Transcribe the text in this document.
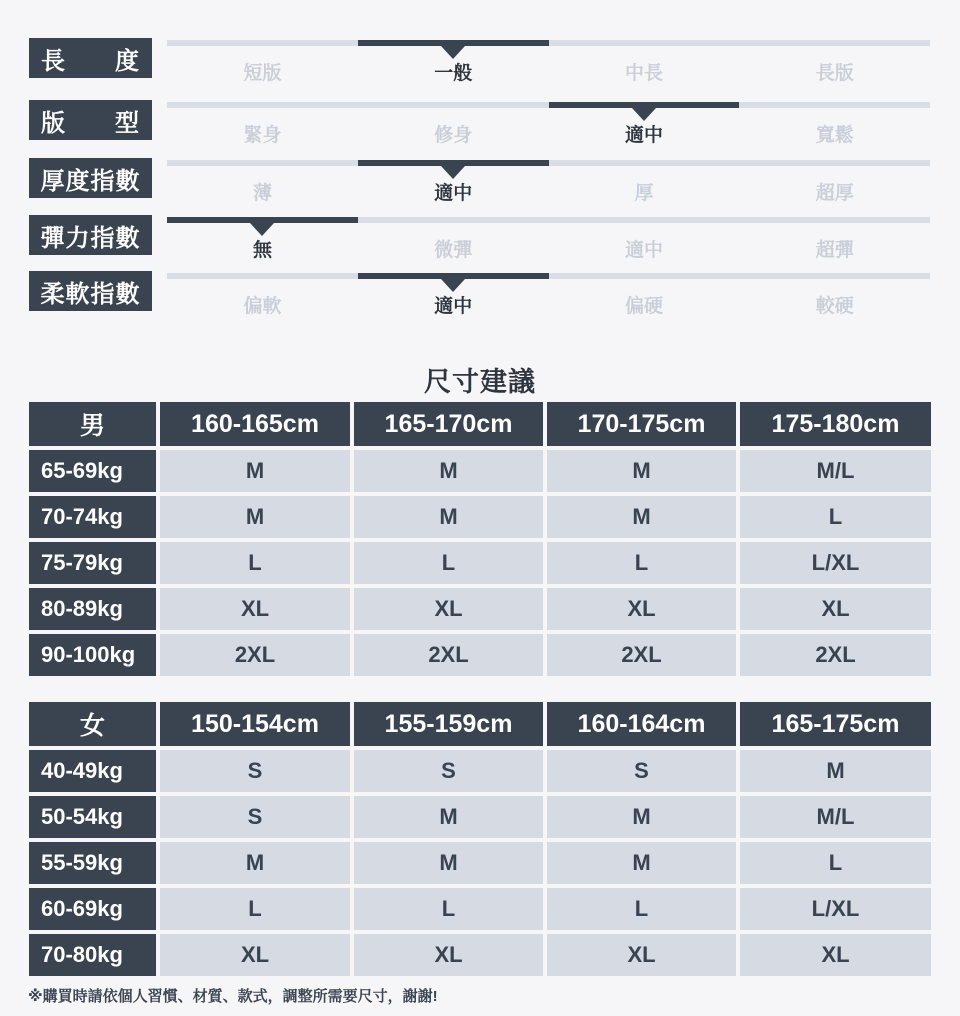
長 度	短版	一般	中長	長版
版 型	緊身	修身	適中	寬鬆
厚度指數	薄	適中	厚	超厚
彈力指數	無	微彈	適中	超彈
柔軟指數	偏軟	適中	偏硬	較硬
尺寸建議
男	160-165cm	165-170cm	170-175cm	175-180cm
65-69kg	M	M	M	M/L
70-74kg	M	M	M	L
75-79kg	L	L	L	L/XL
80-89kg	XL	XL	XL	XL
90-100kg	2XL	2XL	2XL	2XL
女	150-154cm	155-159cm	160-164cm	165-175cm
40-49kg	S	S	S	M
50-54kg	S	M	M	M/L
55-59kg	M	M	M	L
60-69kg	L	L	L	L/XL
70-80kg	XL	XL	XL	XL
※購買時請依個人習慣、材質、款式，調整所需要尺寸，謝謝!
